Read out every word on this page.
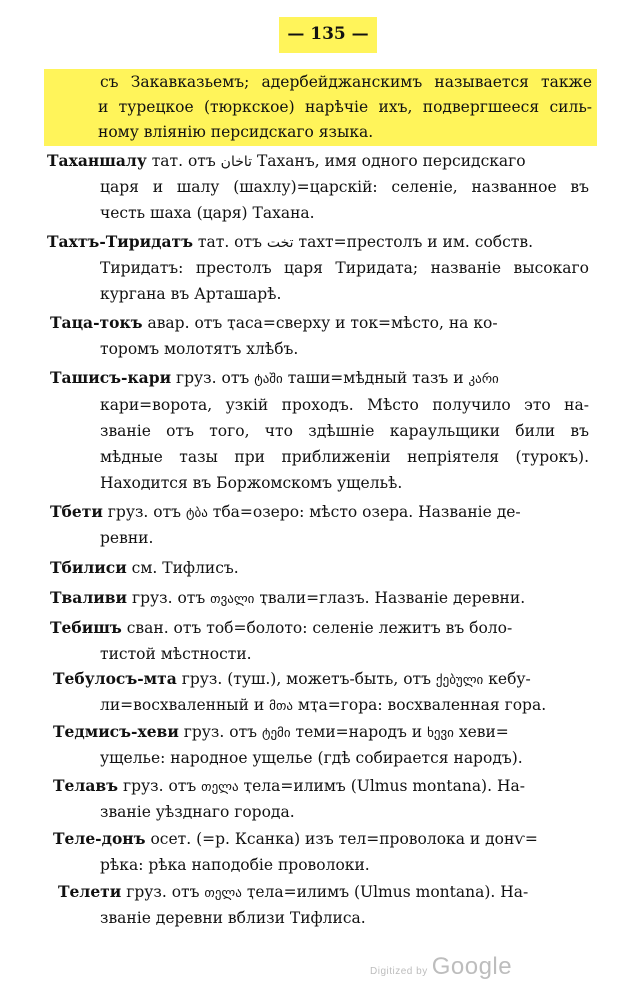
— 135 —
съ Закавказьемъ; адербейджанскимъ называется также
и турецкое (тюркское) нарѣчіе ихъ, подвергшееся силь-
ному вліянію персидскаго языка.
Таханшалу тат. отъ تاخان Таханъ, имя одного персидскаго
царя и шалу (шахлу)=царскій: селеніе, названное въ
честь шаха (царя) Тахана.
Тахтъ-Тиридатъ тат. отъ تخت тахт=престолъ и им. собств.
Тиридатъ: престолъ царя Тиридата; названіе высокаго
кургана въ Арташарѣ.
Таца-токъ авар. отъ ҭаса=сверху и ток=мѣсто, на ко-
торомъ молотятъ хлѣбъ.
Ташисъ-кари груз. отъ ტაში таши=мѣдный тазъ и კარი
кари=ворота, узкій проходъ. Мѣсто получило это на-
званіе отъ того, что здѣшніе караульщики били въ
мѣдные тазы при приближеніи непріятеля (турокъ).
Находится въ Боржомскомъ ущельѣ.
Тбети груз. отъ ტბა тба=озеро: мѣсто озера. Названіе де-
ревни.
Тбилиси см. Тифлисъ.
Тваливи груз. отъ თვალი ҭвали=глазъ. Названіе деревни.
Тебишъ сван. отъ тоб=болото: селеніе лежитъ въ боло-
тистой мѣстности.
Тебулосъ-мта груз. (туш.), можетъ-быть, отъ ქებული кебу-
ли=восхваленный и მთა мҭа=гора: восхваленная гора.
Тедмисъ-хеви груз. отъ ტემი теми=народъ и ხევი хеви=
ущелье: народное ущелье (гдѣ собирается народъ).
Телавъ груз. отъ თელა ҭела=илимъ (Ulmus montana). На-
званіе уѣзднаго города.
Теле-донъ осет. (=р. Ксанка) изъ тел=проволока и донѵ=
рѣка: рѣка наподобіе проволоки.
Телети груз. отъ თელა ҭела=илимъ (Ulmus montana). На-
званіе деревни вблизи Тифлиса.
Digitized by Google
